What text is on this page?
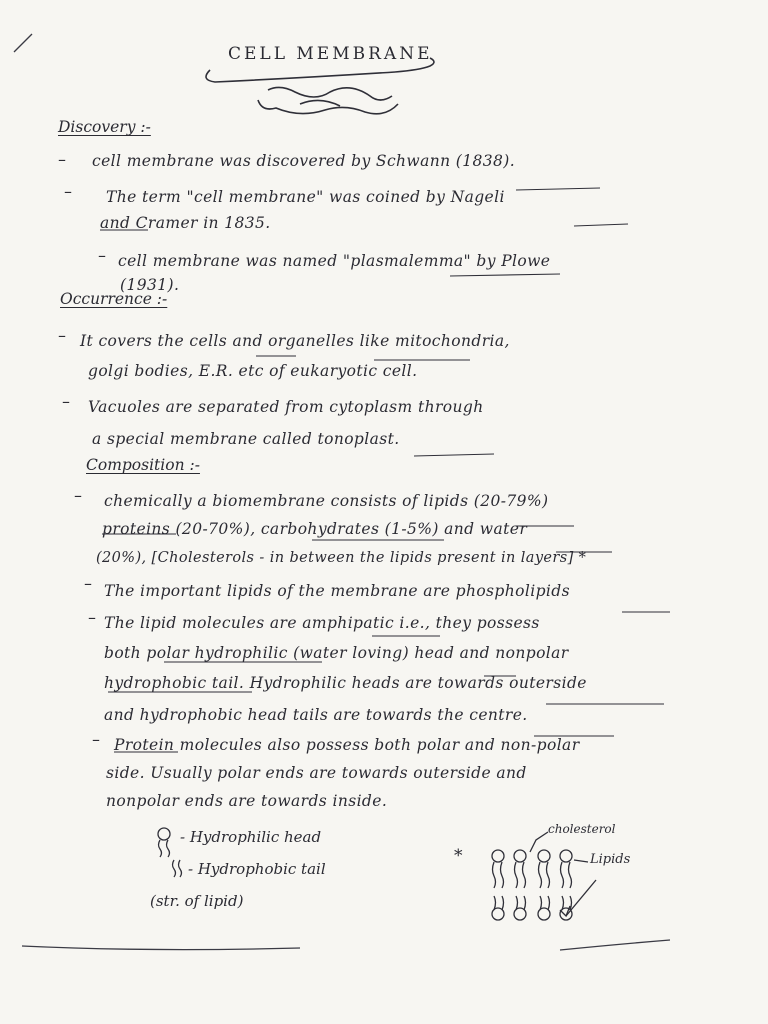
CELL MEMBRANE
Discovery :-
– cell membrane was discovered by Schwann (1838).
– The term "cell membrane" was coined by Nageli
and Cramer in 1835.
– cell membrane was named "plasmalemma" by Plowe
(1931).
Occurrence :-
– It covers the cells and organelles like mitochondria,
golgi bodies, E.R. etc of eukaryotic cell.
– Vacuoles are separated from cytoplasm through
a special membrane called tonoplast.
Composition :-
– chemically a biomembrane consists of lipids (20-79%)
proteins (20-70%), carbohydrates (1-5%) and water
(20%), [Cholesterols - in between the lipids present in layers] *
– The important lipids of the membrane are phospholipids
– The lipid molecules are amphipatic i.e., they possess
both polar hydrophilic (water loving) head and nonpolar
hydrophobic tail. Hydrophilic heads are towards outerside
and hydrophobic head tails are towards the centre.
– Protein molecules also possess both polar and non-polar
side. Usually polar ends are towards outerside and
nonpolar ends are towards inside.
- Hydrophilic head
- Hydrophobic tail
(str. of lipid)
*
cholesterol
Lipids
